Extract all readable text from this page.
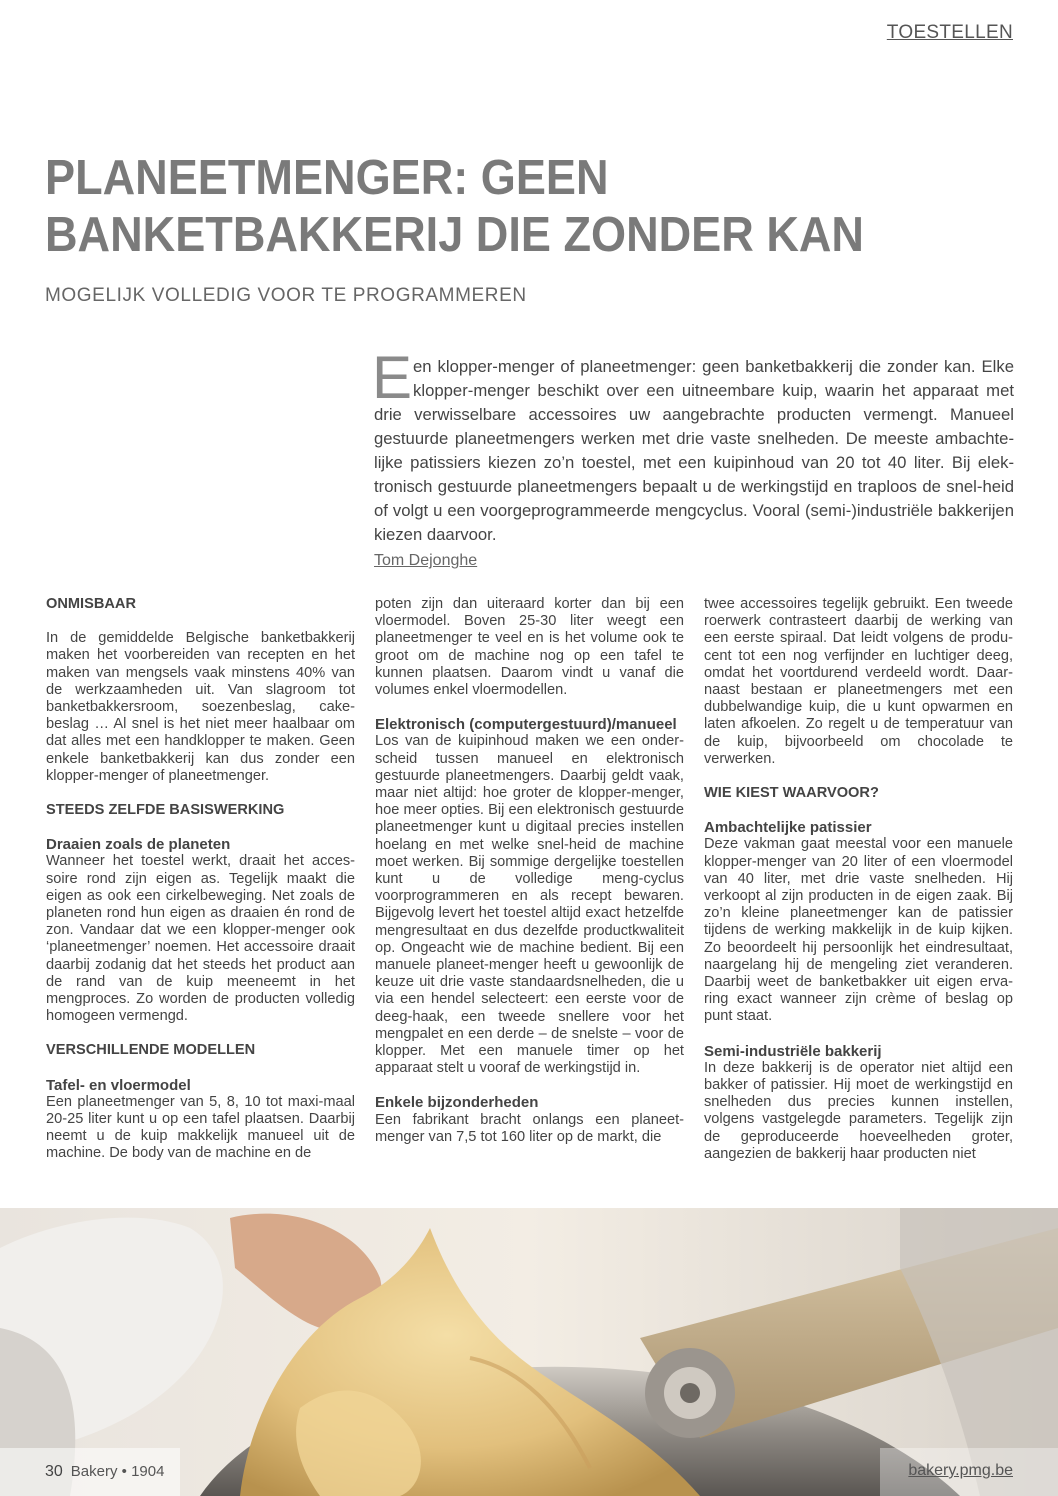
TOESTELLEN
PLANEETMENGER: GEEN BANKETBAKKERIJ DIE ZONDER KAN
MOGELIJK VOLLEDIG VOOR TE PROGRAMMEREN

Een klopper-menger of planeetmenger: geen banketbakkerij die zonder kan. Elke klopper-menger beschikt over een uitneembare kuip, waarin het apparaat met drie verwisselbare accessoires uw aangebrachte producten vermengt. Manueel gestuurde planeetmengers werken met drie vaste snelheden. De meeste ambachte-lijke patissiers kiezen zo’n toestel, met een kuipinhoud van 20 tot 40 liter. Bij elek-tronisch gestuurde planeetmengers bepaalt u de werkingstijd en traploos de snel-heid of volgt u een voorgeprogrammeerde mengcyclus. Vooral (semi-)industriële bakkerijen kiezen daarvoor.

Tom Dejonghe
ONMISBAAR

In de gemiddelde Belgische banketbakkerij maken het voorbereiden van recepten en het maken van mengsels vaak minstens 40% van de werkzaamheden uit. Van slagroom tot banketbakkersroom, soezenbeslag, cake-beslag … Al snel is het niet meer haalbaar om dat alles met een handklopper te maken. Geen enkele banketbakkerij kan dus zonder een klopper-menger of planeetmenger.

STEEDS ZELFDE BASISWERKING
Draaien zoals de planeten

Wanneer het toestel werkt, draait het acces-soire rond zijn eigen as. Tegelijk maakt die eigen as ook een cirkelbeweging. Net zoals de planeten rond hun eigen as draaien én rond de zon. Vandaar dat we een klopper-menger ook ‘planeetmenger’ noemen. Het accessoire draait daarbij zodanig dat het steeds het product aan de rand van de kuip meeneemt in het mengproces. Zo worden de producten volledig homogeen vermengd.

VERSCHILLENDE MODELLEN
Tafel- en vloermodel

Een planeetmenger van 5, 8, 10 tot maxi-maal 20-25 liter kunt u op een tafel plaatsen. Daarbij neemt u de kuip makkelijk manueel uit de machine. De body van de machine en de

poten zijn dan uiteraard korter dan bij een vloermodel. Boven 25-30 liter weegt een planeetmenger te veel en is het volume ook te groot om de machine nog op een tafel te kunnen plaatsen. Daarom vindt u vanaf die volumes enkel vloermodellen.

Elektronisch (computergestuurd)/manueel

Los van de kuipinhoud maken we een onder-scheid tussen manueel en elektronisch gestuurde planeetmengers. Daarbij geldt vaak, maar niet altijd: hoe groter de klopper-menger, hoe meer opties. Bij een elektronisch gestuurde planeetmenger kunt u digitaal precies instellen hoelang en met welke snel-heid de machine moet werken. Bij sommige dergelijke toestellen kunt u de volledige meng-cyclus voorprogrammeren en als recept bewaren. Bijgevolg levert het toestel altijd exact hetzelfde mengresultaat en dus dezelfde productkwaliteit op. Ongeacht wie de machine bedient. Bij een manuele planeet-menger heeft u gewoonlijk de keuze uit drie vaste standaardsnelheden, die u via een hendel selecteert: een eerste voor de deeg-haak, een tweede snellere voor het mengpalet en een derde – de snelste – voor de klopper. Met een manuele timer op het apparaat stelt u vooraf de werkingstijd in.

Enkele bijzonderheden

Een fabrikant bracht onlangs een planeet-menger van 7,5 tot 160 liter op de markt, die

twee accessoires tegelijk gebruikt. Een tweede roerwerk contrasteert daarbij de werking van een eerste spiraal. Dat leidt volgens de produ-cent tot een nog verfijnder en luchtiger deeg, omdat het voortdurend verdeeld wordt. Daar-naast bestaan er planeetmengers met een dubbelwandige kuip, die u kunt opwarmen en laten afkoelen. Zo regelt u de temperatuur van de kuip, bijvoorbeeld om chocolade te verwerken.

WIE KIEST WAARVOOR?
Ambachtelijke patissier

Deze vakman gaat meestal voor een manuele klopper-menger van 20 liter of een vloermodel van 40 liter, met drie vaste snelheden. Hij verkoopt al zijn producten in de eigen zaak. Bij zo’n kleine planeetmenger kan de patissier tijdens de werking makkelijk in de kuip kijken. Zo beoordeelt hij persoonlijk het eindresultaat, naargelang hij de mengeling ziet veranderen. Daarbij weet de banketbakker uit eigen erva-ring exact wanneer zijn crème of beslag op punt staat.

Semi-industriële bakkerij

In deze bakkerij is de operator niet altijd een bakker of patissier. Hij moet de werkingstijd en snelheden dus precies kunnen instellen, volgens vastgelegde parameters. Tegelijk zijn de geproduceerde hoeveelheden groter, aangezien de bakkerij haar producten niet

30 Bakery • 1904	bakery.pmg.be
